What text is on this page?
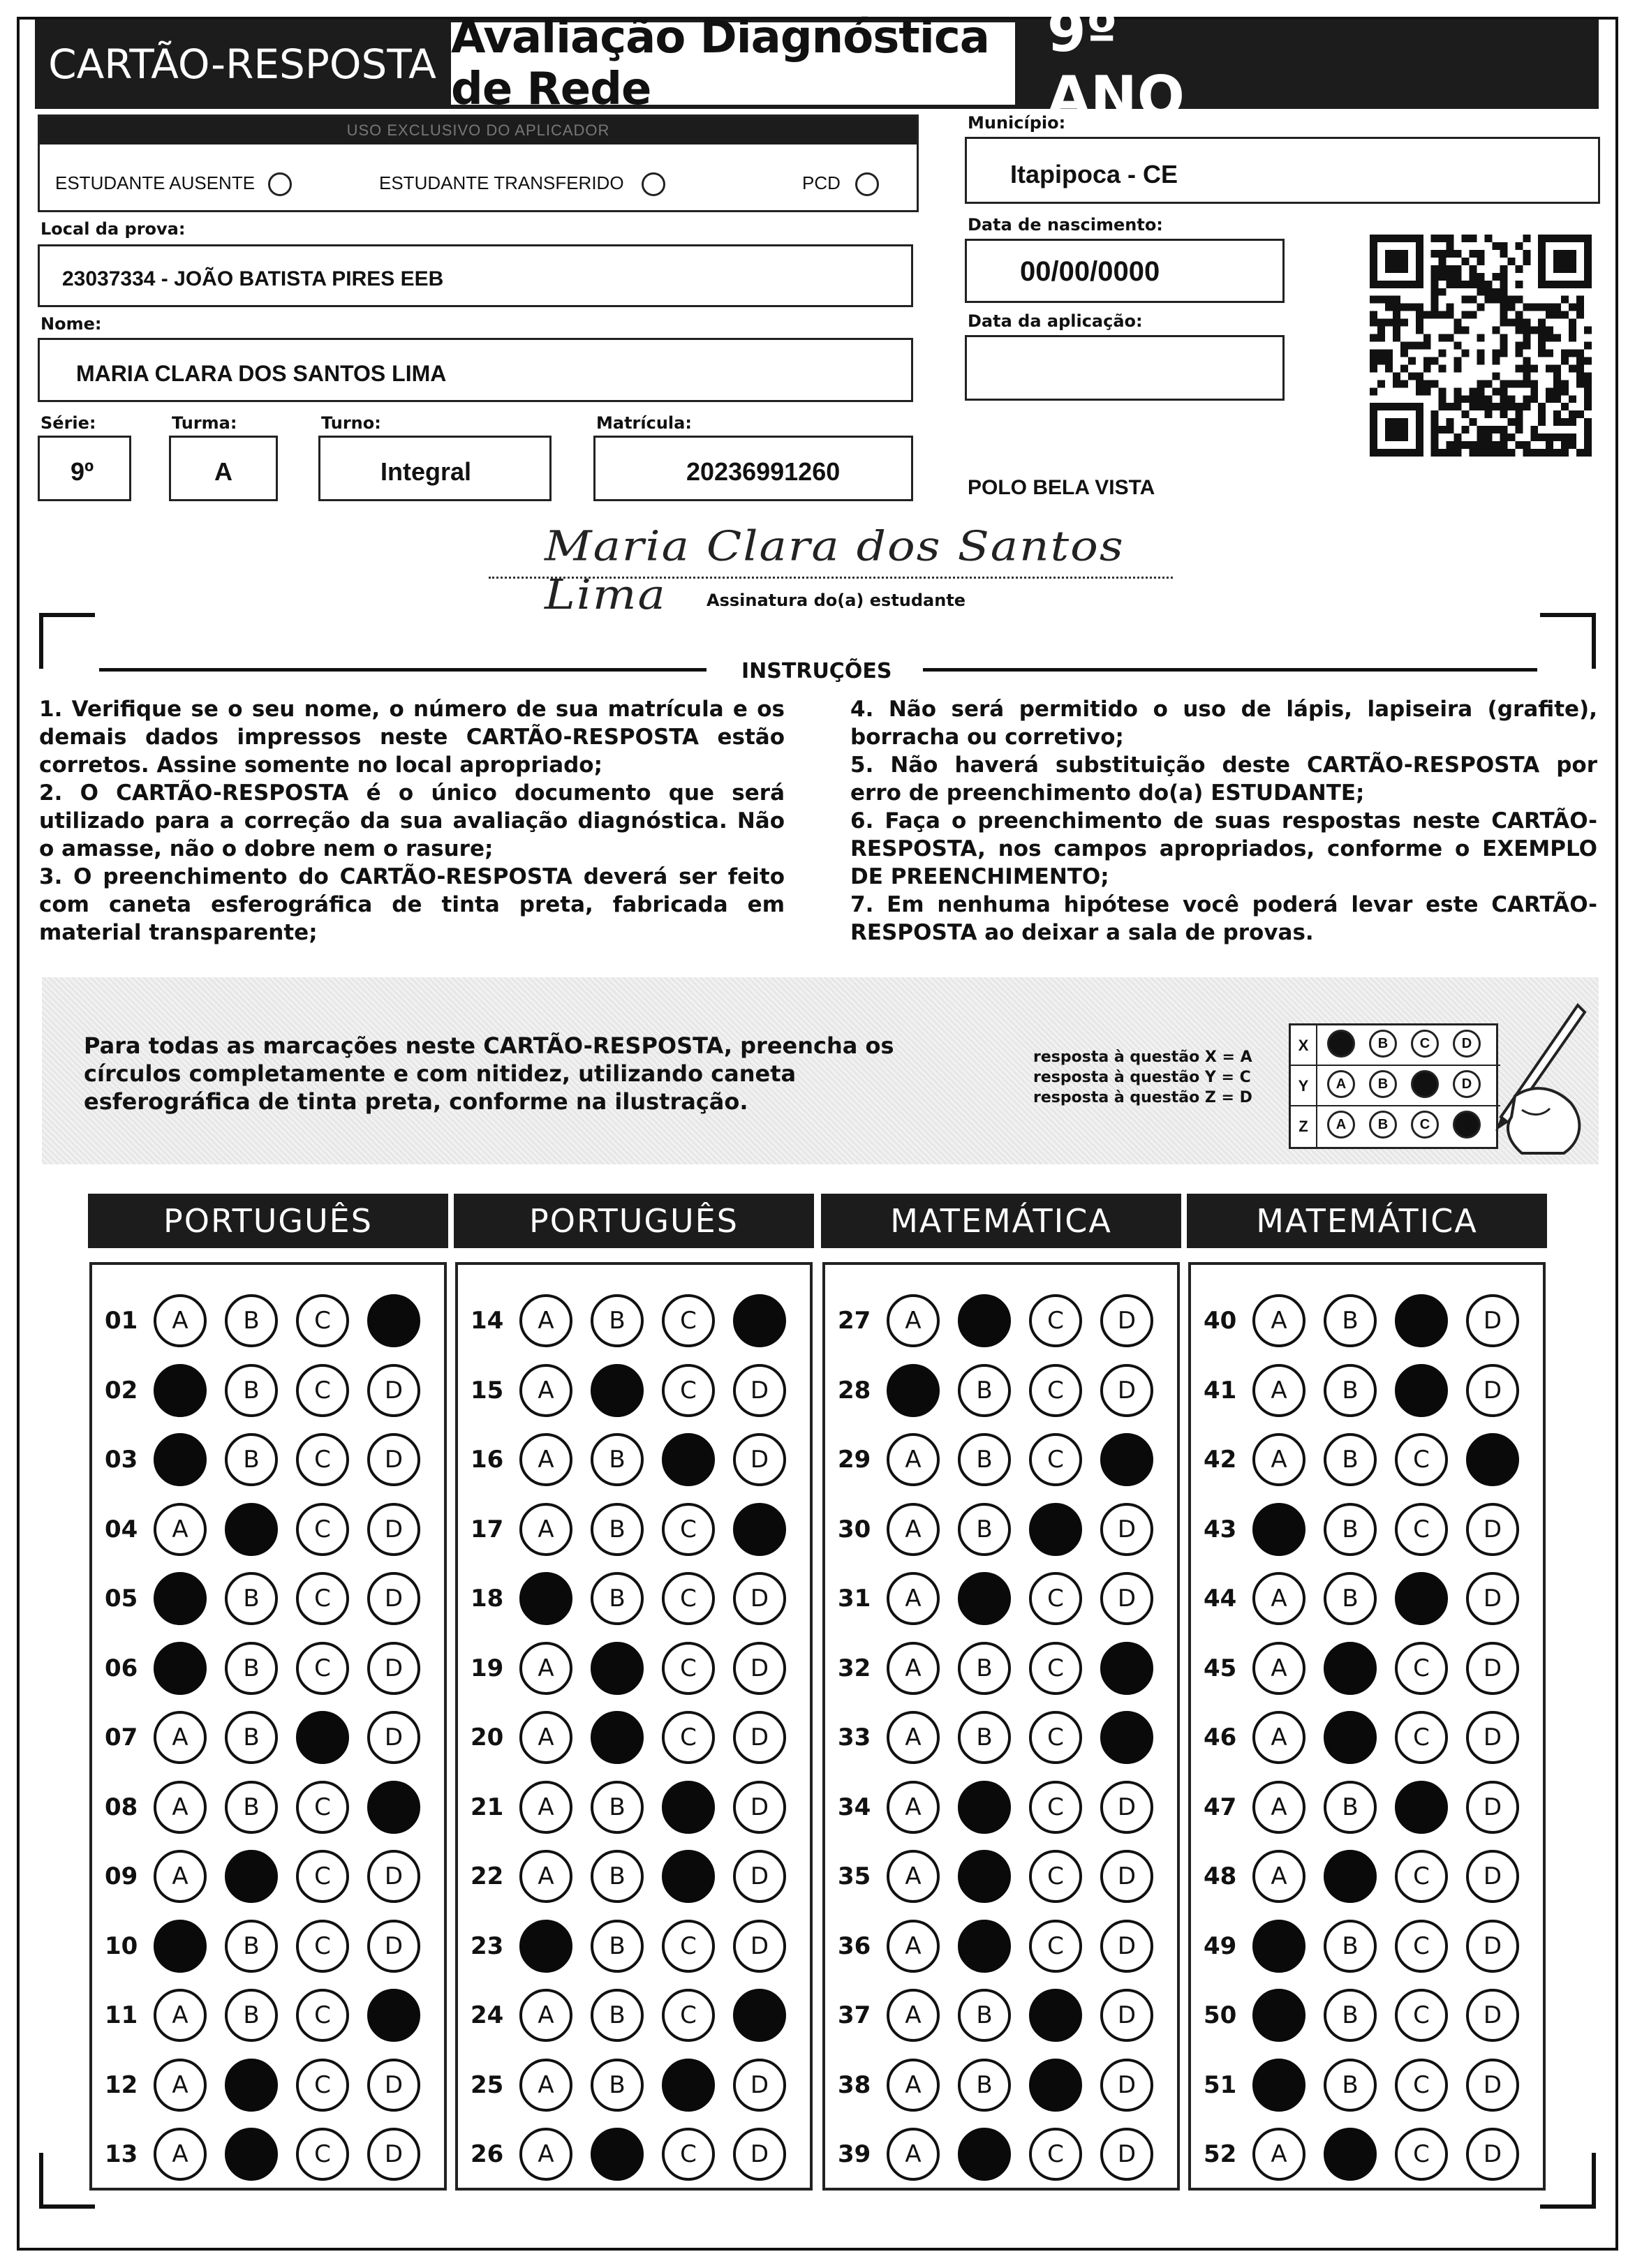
CARTÃO-RESPOSTA
Avaliação Diagnóstica de Rede
9º ANO
USO EXCLUSIVO DO APLICADOR
ESTUDANTE AUSENTE	ESTUDANTE TRANSFERIDO	PCD
Local da prova:
23037334 - JOÃO BATISTA PIRES EEB
Nome:
MARIA CLARA DOS SANTOS LIMA
Série:
9º
Turma:
A
Turno:
Integral
Matrícula:
20236991260
Município:
Itapipoca - CE
Data de nascimento:
00/00/0000
Data da aplicação:
POLO BELA VISTA
Maria Clara dos Santos Lima	Assinatura do(a) estudante
INSTRUÇÕES
1. Verifique se o seu nome, o número de sua matrícula e os demais dados impressos neste CARTÃO-RESPOSTA estão corretos. Assine somente no local apropriado;
2. O CARTÃO-RESPOSTA é o único documento que será utilizado para a correção da sua avaliação diagnóstica. Não o amasse, não o dobre nem o rasure;
3. O preenchimento do CARTÃO-RESPOSTA deverá ser feito com caneta esferográfica de tinta preta, fabricada em material transparente;
4. Não será permitido o uso de lápis, lapiseira (grafite), borracha ou corretivo;
5. Não haverá substituição deste CARTÃO-RESPOSTA por erro de preenchimento do(a) ESTUDANTE;
6. Faça o preenchimento de suas respostas neste CARTÃO-RESPOSTA, nos campos apropriados, conforme o EXEMPLO DE PREENCHIMENTO;
7. Em nenhuma hipótese você poderá levar este CARTÃO-RESPOSTA ao deixar a sala de provas.
Para todas as marcações neste CARTÃO-RESPOSTA, preencha os círculos completamente e com nitidez, utilizando caneta esferográfica de tinta preta, conforme na ilustração.
resposta à questão X = A
resposta à questão Y = C
resposta à questão Z = D
X	A	B	C	D
Y	A	B	C	D
Z	A	B	C	D
PORTUGUÊS
01	A	B	C	D
02	A	B	C	D
03	A	B	C	D
04	A	B	C	D
05	A	B	C	D
06	A	B	C	D
07	A	B	C	D
08	A	B	C	D
09	A	B	C	D
10	A	B	C	D
11	A	B	C	D
12	A	B	C	D
13	A	B	C	D
PORTUGUÊS
14	A	B	C	D
15	A	B	C	D
16	A	B	C	D
17	A	B	C	D
18	A	B	C	D
19	A	B	C	D
20	A	B	C	D
21	A	B	C	D
22	A	B	C	D
23	A	B	C	D
24	A	B	C	D
25	A	B	C	D
26	A	B	C	D
MATEMÁTICA
27	A	B	C	D
28	A	B	C	D
29	A	B	C	D
30	A	B	C	D
31	A	B	C	D
32	A	B	C	D
33	A	B	C	D
34	A	B	C	D
35	A	B	C	D
36	A	B	C	D
37	A	B	C	D
38	A	B	C	D
39	A	B	C	D
MATEMÁTICA
40	A	B	C	D
41	A	B	C	D
42	A	B	C	D
43	A	B	C	D
44	A	B	C	D
45	A	B	C	D
46	A	B	C	D
47	A	B	C	D
48	A	B	C	D
49	A	B	C	D
50	A	B	C	D
51	A	B	C	D
52	A	B	C	D
